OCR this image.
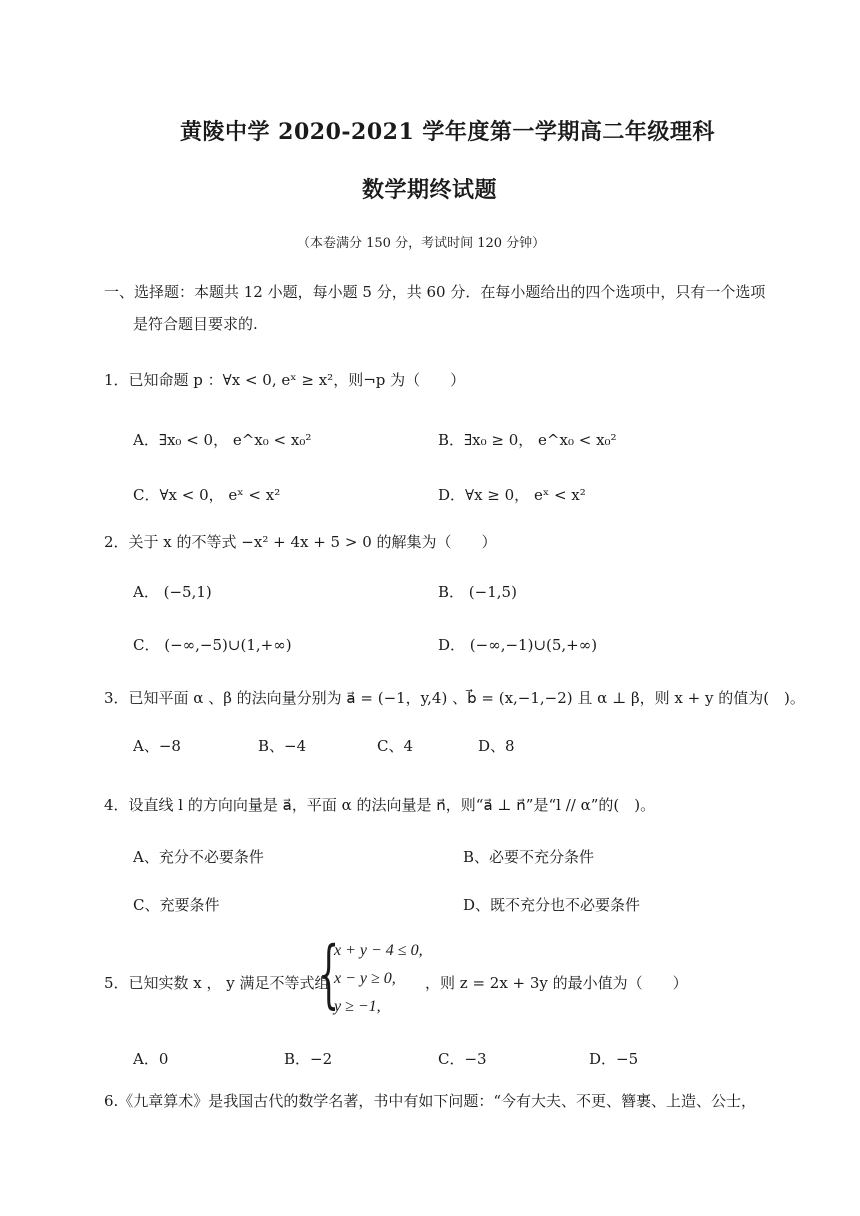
黄陵中学 2020-2021 学年度第一学期高二年级理科
数学期终试题
（本卷满分 150 分，考试时间 120 分钟）
一、选择题：本题共 12 小题，每小题 5 分，共 60 分．在每小题给出的四个选项中，只有一个选项
是符合题目要求的.
1．已知命题 p ：∀x < 0, eˣ ≥ x²，则¬p 为（　　）
A．∃x₀ < 0， e^x₀ < x₀²	B．∃x₀ ≥ 0， e^x₀ < x₀²
C．∀x < 0， eˣ < x²	D．∀x ≥ 0， eˣ < x²
2．关于 x 的不等式 −x² + 4x + 5 > 0 的解集为（　　）
A． (−5,1)	B． (−1,5)
C． (−∞,−5)∪(1,+∞)	D． (−∞,−1)∪(5,+∞)
3．已知平面 α 、β 的法向量分别为 a⃗ = (−1，y,4) 、b⃗ = (x,−1,−2) 且 α ⊥ β，则 x + y 的值为(　)。
A、−8	B、−4	C、4	D、8
4．设直线 l 的方向向量是 a⃗，平面 α 的法向量是 n⃗，则“a⃗ ⊥ n⃗”是“l // α”的(　)。
A、充分不必要条件	B、必要不充分条件
C、充要条件	D、既不充分也不必要条件
5．已知实数 x ， y 满足不等式组
{
x + y − 4 ≤ 0,
x − y ≥ 0,
y ≥ −1,
，则 z = 2x + 3y 的最小值为（　　）
A．0	B．−2	C．−3	D．−5
6.《九章算术》是我国古代的数学名著，书中有如下问题：“今有大夫、不更、簪裹、上造、公士，
